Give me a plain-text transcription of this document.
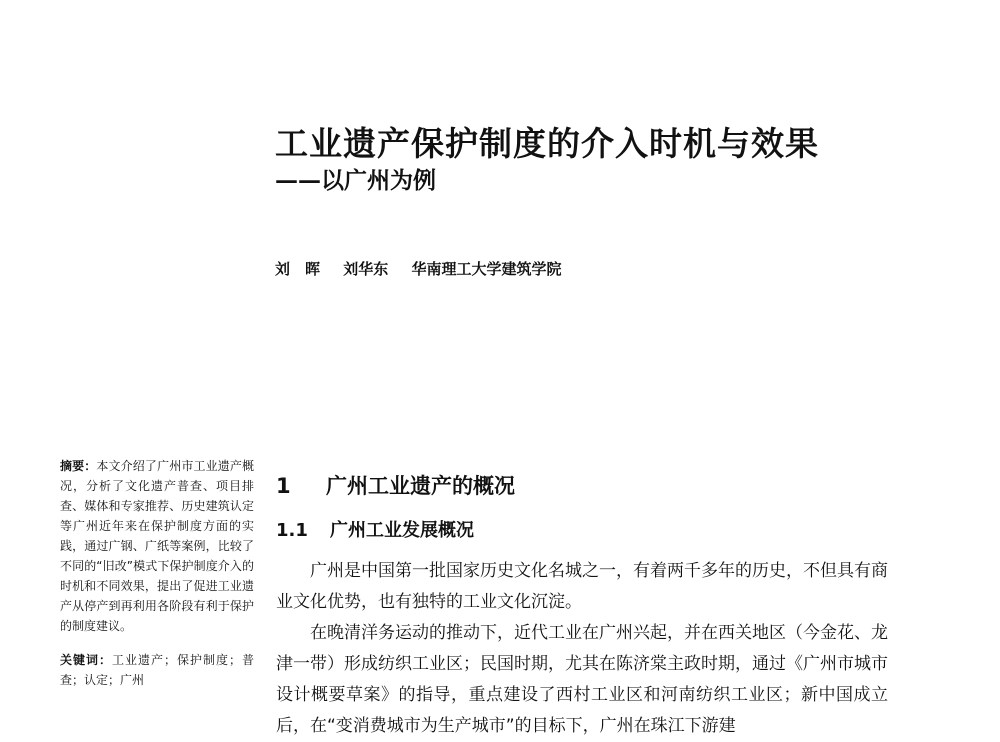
工业遗产保护制度的介入时机与效果
——以广州为例
刘　晖 刘华东 华南理工大学建筑学院
摘要：本文介绍了广州市工业遗产概况，分析了文化遗产普查、项目排查、媒体和专家推荐、历史建筑认定等广州近年来在保护制度方面的实践，通过广钢、广纸等案例，比较了不同的“旧改”模式下保护制度介入的时机和不同效果，提出了促进工业遗产从停产到再利用各阶段有利于保护的制度建议。
关键词：工业遗产；保护制度；普查；认定；广州
1 广州工业遗产的概况
1.1 广州工业发展概况

广州是中国第一批国家历史文化名城之一，有着两千多年的历史，不但具有商业文化优势，也有独特的工业文化沉淀。

在晚清洋务运动的推动下，近代工业在广州兴起，并在西关地区（今金花、龙津一带）形成纺织工业区；民国时期，尤其在陈济棠主政时期，通过《广州市城市设计概要草案》的指导，重点建设了西村工业区和河南纺织工业区；新中国成立后，在“变消费城市为生产城市”的目标下，广州在珠江下游建
